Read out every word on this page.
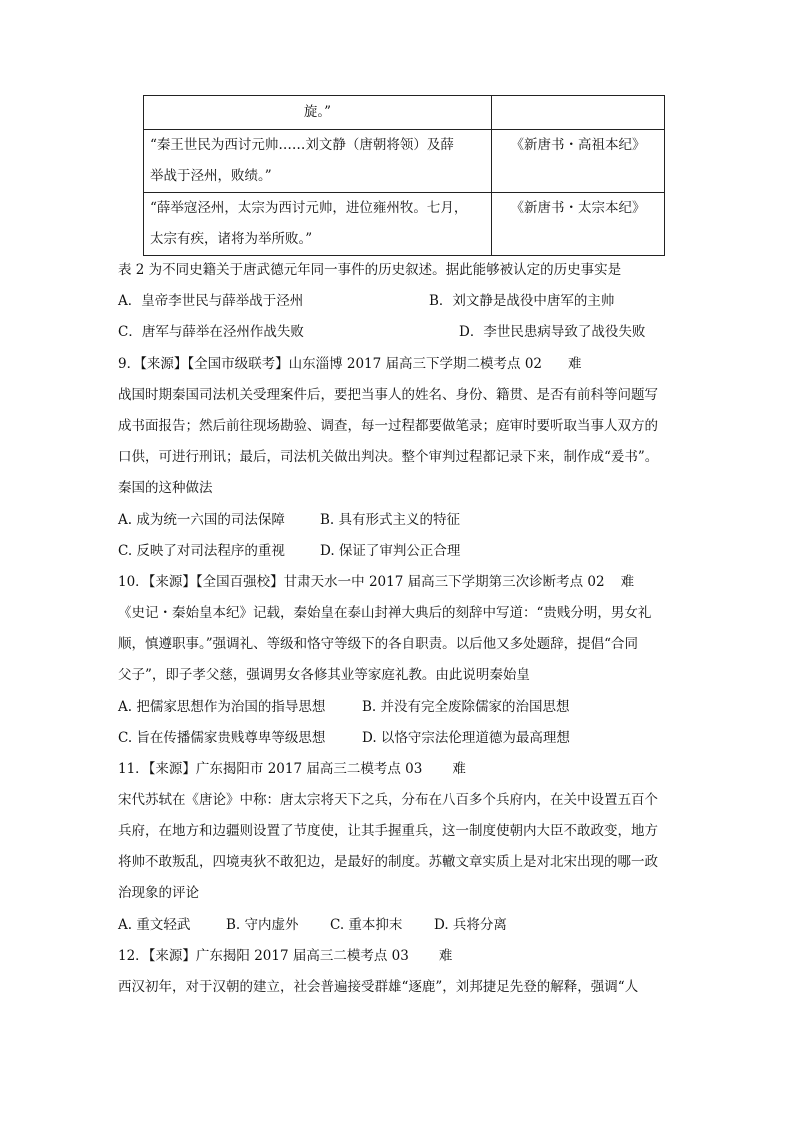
旋。”	

“秦王世民为西讨元帅……刘文静（唐朝将领）及薛
举战于泾州，败绩。”	《新唐书・高祖本纪》

“薛举寇泾州，太宗为西讨元帅，进位雍州牧。七月，
太宗有疾，诸将为举所败。”	《新唐书・太宗本纪》
表 2 为不同史籍关于唐武德元年同一事件的历史叙述。据此能够被认定的历史事实是
A．皇帝李世民与薛举战于泾州	B．刘文静是战役中唐军的主帅
C．唐军与薛举在泾州作战失败	D．李世民患病导致了战役失败
9．【来源】【全国市级联考】山东淄博 2017 届高三下学期二模考点 02 难
战国时期秦国司法机关受理案件后，要把当事人的姓名、身份、籍贯、是否有前科等问题写
成书面报告；然后前往现场勘验、调查，每一过程都要做笔录；庭审时要听取当事人双方的
口供，可进行刑讯；最后，司法机关做出判决。整个审判过程都记录下来，制作成“爰书”。
秦国的这种做法
A. 成为统一六国的司法保障	B. 具有形式主义的特征
C. 反映了对司法程序的重视	D. 保证了审判公正合理
10．【来源】【全国百强校】甘肃天水一中 2017 届高三下学期第三次诊断考点 02 难
《史记・秦始皇本纪》记载，秦始皇在泰山封禅大典后的刻辞中写道：“贵贱分明，男女礼
顺，慎遵职事。”强调礼、等级和恪守等级下的各自职责。以后他又多处题辞，提倡“合同
父子”，即子孝父慈，强调男女各修其业等家庭礼教。由此说明秦始皇
A. 把儒家思想作为治国的指导思想	B. 并没有完全废除儒家的治国思想
C. 旨在传播儒家贵贱尊卑等级思想	D. 以恪守宗法伦理道德为最高理想
11．【来源】广东揭阳市 2017 届高三二模考点 03 难
宋代苏轼在《唐论》中称：唐太宗将天下之兵，分布在八百多个兵府内，在关中设置五百个
兵府，在地方和边疆则设置了节度使，让其手握重兵，这一制度使朝内大臣不敢政变，地方
将帅不敢叛乱，四境夷狄不敢犯边，是最好的制度。苏轍文章实质上是对北宋出现的哪一政
治现象的评论
A. 重文轻武	B. 守内虚外 C. 重本抑末 D. 兵将分离
12．【来源】广东揭阳 2017 届高三二模考点 03 难
西汉初年，对于汉朝的建立，社会普遍接受群雄“逐鹿”，刘邦捷足先登的解释，强调“人
